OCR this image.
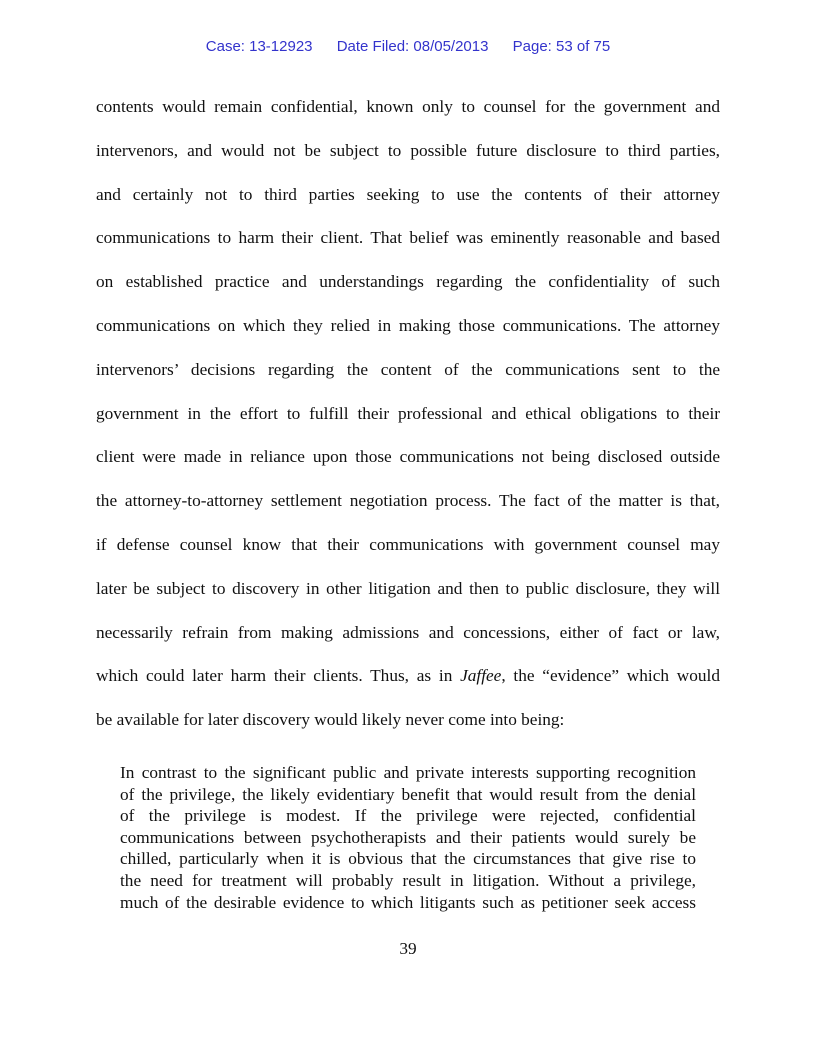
Case: 13-12923 Date Filed: 08/05/2013 Page: 53 of 75
contents would remain confidential, known only to counsel for the government and
intervenors, and would not be subject to possible future disclosure to third parties,
and certainly not to third parties seeking to use the contents of their attorney
communications to harm their client. That belief was eminently reasonable and based
on established practice and understandings regarding the confidentiality of such
communications on which they relied in making those communications. The attorney
intervenors’ decisions regarding the content of the communications sent to the
government in the effort to fulfill their professional and ethical obligations to their
client were made in reliance upon those communications not being disclosed outside
the attorney-to-attorney settlement negotiation process. The fact of the matter is that,
if defense counsel know that their communications with government counsel may
later be subject to discovery in other litigation and then to public disclosure, they will
necessarily refrain from making admissions and concessions, either of fact or law,
which could later harm their clients. Thus, as in Jaffee, the “evidence” which would
be available for later discovery would likely never come into being:
In contrast to the significant public and private interests supporting recognition
of the privilege, the likely evidentiary benefit that would result from the denial
of the privilege is modest. If the privilege were rejected, confidential
communications between psychotherapists and their patients would surely be
chilled, particularly when it is obvious that the circumstances that give rise to
the need for treatment will probably result in litigation. Without a privilege,
much of the desirable evidence to which litigants such as petitioner seek access
39
